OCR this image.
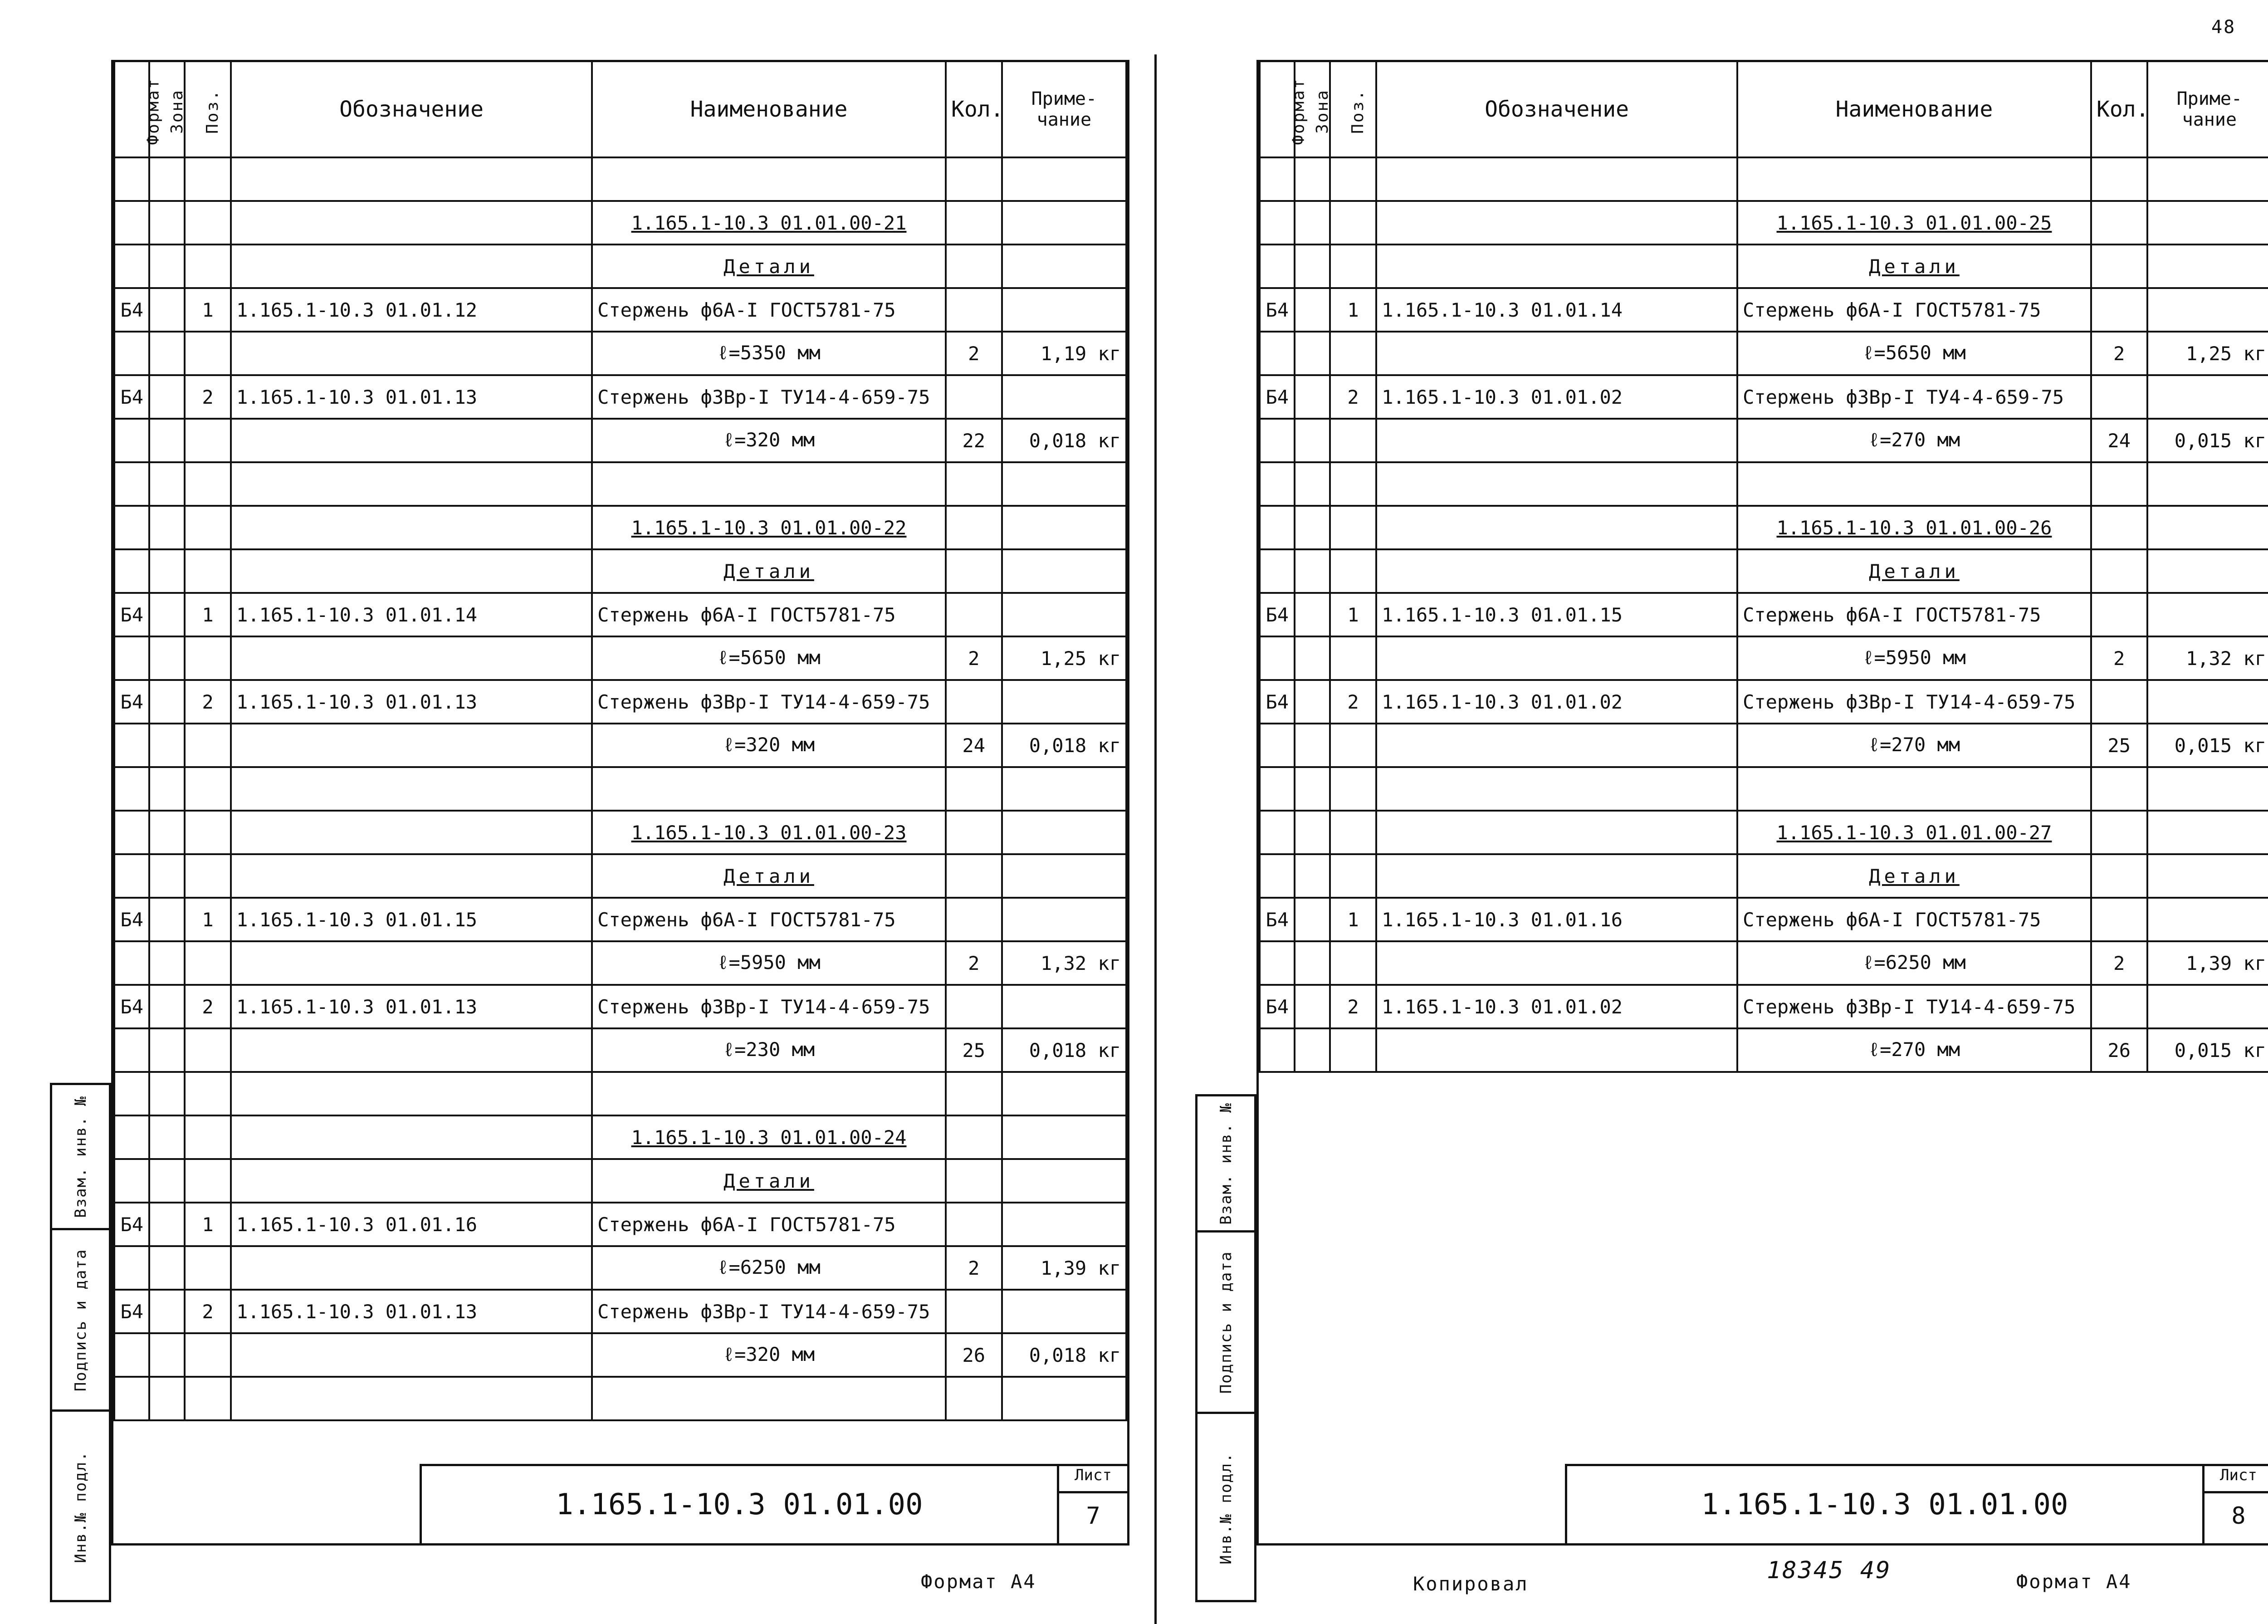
Взам. инв. №
Подпись и дата
Инв.№ подл.
Формат	Зона	Поз.	Обозначение	Наименование	Кол.	Приме-чание

				1.165.1-10.3 01.01.00-21		
				Детали		
Б4		1	1.165.1-10.3 01.01.12	Стержень ф6А-I ГОСТ5781-75		
				ℓ=5350 мм	2	1,19 кг
Б4		2	1.165.1-10.3 01.01.13	Стержень ф3Вр-I ТУ14-4-659-75		
				ℓ=320 мм	22	0,018 кг

				1.165.1-10.3 01.01.00-22		
				Детали		
Б4		1	1.165.1-10.3 01.01.14	Стержень ф6А-I ГОСТ5781-75		
				ℓ=5650 мм	2	1,25 кг
Б4		2	1.165.1-10.3 01.01.13	Стержень ф3Вр-I ТУ14-4-659-75		
				ℓ=320 мм	24	0,018 кг

				1.165.1-10.3 01.01.00-23		
				Детали		
Б4		1	1.165.1-10.3 01.01.15	Стержень ф6А-I ГОСТ5781-75		
				ℓ=5950 мм	2	1,32 кг
Б4		2	1.165.1-10.3 01.01.13	Стержень ф3Вр-I ТУ14-4-659-75		
				ℓ=230 мм	25	0,018 кг

				1.165.1-10.3 01.01.00-24		
				Детали		
Б4		1	1.165.1-10.3 01.01.16	Стержень ф6А-I ГОСТ5781-75		
				ℓ=6250 мм	2	1,39 кг
Б4		2	1.165.1-10.3 01.01.13	Стержень ф3Вр-I ТУ14-4-659-75		
				ℓ=320 мм	26	0,018 кг

1.165.1-10.3 01.01.00
Лист
7
Формат А4
Взам. инв. №
Подпись и дата
Инв.№ подл.
Формат	Зона	Поз.	Обозначение	Наименование	Кол.	Приме-чание

				1.165.1-10.3 01.01.00-25		
				Детали		
Б4		1	1.165.1-10.3 01.01.14	Стержень ф6А-I ГОСТ5781-75		
				ℓ=5650 мм	2	1,25 кг
Б4		2	1.165.1-10.3 01.01.02	Стержень ф3Вр-I ТУ4-4-659-75		
				ℓ=270 мм	24	0,015 кг

				1.165.1-10.3 01.01.00-26		
				Детали		
Б4		1	1.165.1-10.3 01.01.15	Стержень ф6А-I ГОСТ5781-75		
				ℓ=5950 мм	2	1,32 кг
Б4		2	1.165.1-10.3 01.01.02	Стержень ф3Вр-I ТУ14-4-659-75		
				ℓ=270 мм	25	0,015 кг

				1.165.1-10.3 01.01.00-27		
				Детали		
Б4		1	1.165.1-10.3 01.01.16	Стержень ф6А-I ГОСТ5781-75		
				ℓ=6250 мм	2	1,39 кг
Б4		2	1.165.1-10.3 01.01.02	Стержень ф3Вр-I ТУ14-4-659-75		
				ℓ=270 мм	26	0,015 кг
1.165.1-10.3 01.01.00
Лист
8
Копировал	18345 49	Формат А4
48
